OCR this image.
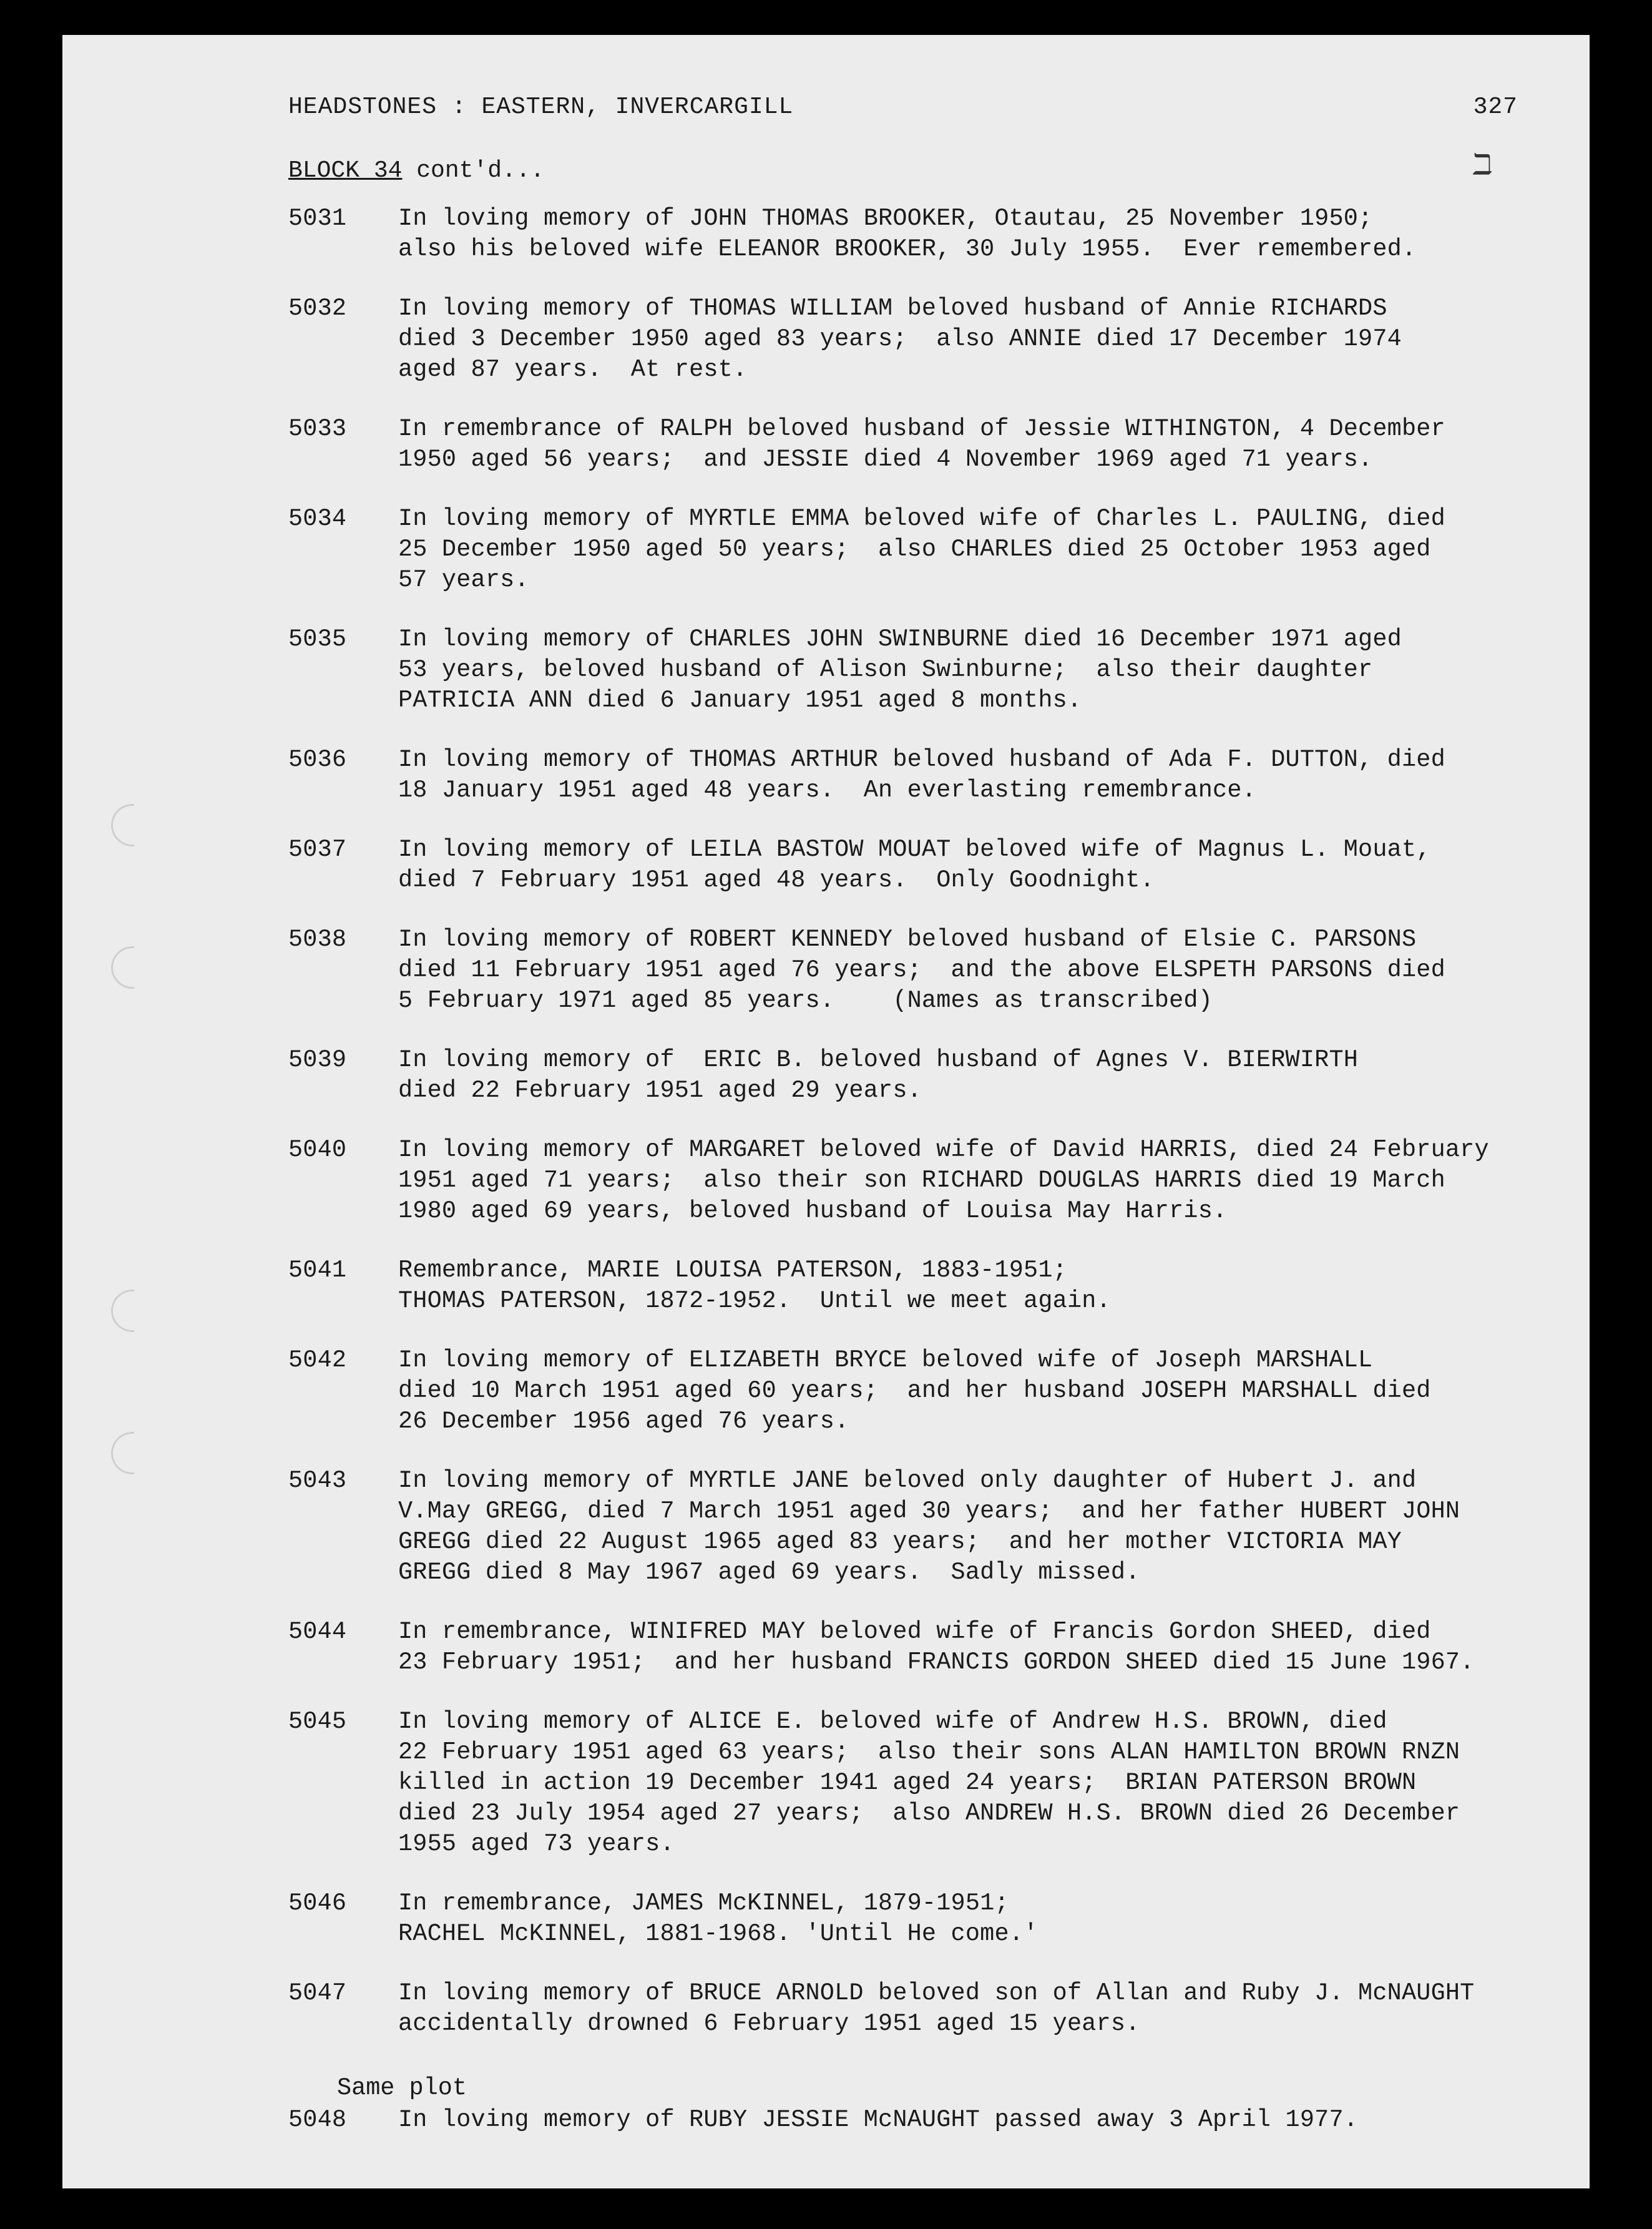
HEADSTONES : EASTERN, INVERCARGILL	327
BLOCK 34 cont'd...	ℶ
5031 In loving memory of JOHN THOMAS BROOKER, Otautau, 25 November 1950;
also his beloved wife ELEANOR BROOKER, 30 July 1955.  Ever remembered.
5032 In loving memory of THOMAS WILLIAM beloved husband of Annie RICHARDS
died 3 December 1950 aged 83 years;  also ANNIE died 17 December 1974
aged 87 years.  At rest.
5033 In remembrance of RALPH beloved husband of Jessie WITHINGTON, 4 December
1950 aged 56 years;  and JESSIE died 4 November 1969 aged 71 years.
5034 In loving memory of MYRTLE EMMA beloved wife of Charles L. PAULING, died
25 December 1950 aged 50 years;  also CHARLES died 25 October 1953 aged
57 years.
5035 In loving memory of CHARLES JOHN SWINBURNE died 16 December 1971 aged
53 years, beloved husband of Alison Swinburne;  also their daughter
PATRICIA ANN died 6 January 1951 aged 8 months.
5036 In loving memory of THOMAS ARTHUR beloved husband of Ada F. DUTTON, died
18 January 1951 aged 48 years.  An everlasting remembrance.
5037 In loving memory of LEILA BASTOW MOUAT beloved wife of Magnus L. Mouat,
died 7 February 1951 aged 48 years.  Only Goodnight.
5038 In loving memory of ROBERT KENNEDY beloved husband of Elsie C. PARSONS
died 11 February 1951 aged 76 years;  and the above ELSPETH PARSONS died
5 February 1971 aged 85 years.    (Names as transcribed)
5039 In loving memory of  ERIC B. beloved husband of Agnes V. BIERWIRTH
died 22 February 1951 aged 29 years.
5040 In loving memory of MARGARET beloved wife of David HARRIS, died 24 February
1951 aged 71 years;  also their son RICHARD DOUGLAS HARRIS died 19 March
1980 aged 69 years, beloved husband of Louisa May Harris.
5041 Remembrance, MARIE LOUISA PATERSON, 1883-1951;
THOMAS PATERSON, 1872-1952.  Until we meet again.
5042 In loving memory of ELIZABETH BRYCE beloved wife of Joseph MARSHALL
died 10 March 1951 aged 60 years;  and her husband JOSEPH MARSHALL died
26 December 1956 aged 76 years.
5043 In loving memory of MYRTLE JANE beloved only daughter of Hubert J. and
V.May GREGG, died 7 March 1951 aged 30 years;  and her father HUBERT JOHN
GREGG died 22 August 1965 aged 83 years;  and her mother VICTORIA MAY
GREGG died 8 May 1967 aged 69 years.  Sadly missed.
5044 In remembrance, WINIFRED MAY beloved wife of Francis Gordon SHEED, died
23 February 1951;  and her husband FRANCIS GORDON SHEED died 15 June 1967.
5045 In loving memory of ALICE E. beloved wife of Andrew H.S. BROWN, died
22 February 1951 aged 63 years;  also their sons ALAN HAMILTON BROWN RNZN
killed in action 19 December 1941 aged 24 years;  BRIAN PATERSON BROWN
died 23 July 1954 aged 27 years;  also ANDREW H.S. BROWN died 26 December
1955 aged 73 years.
5046 In remembrance, JAMES McKINNEL, 1879-1951;
RACHEL McKINNEL, 1881-1968. 'Until He come.'
5047 In loving memory of BRUCE ARNOLD beloved son of Allan and Ruby J. McNAUGHT
accidentally drowned 6 February 1951 aged 15 years.
Same plot
5048 In loving memory of RUBY JESSIE McNAUGHT passed away 3 April 1977.
